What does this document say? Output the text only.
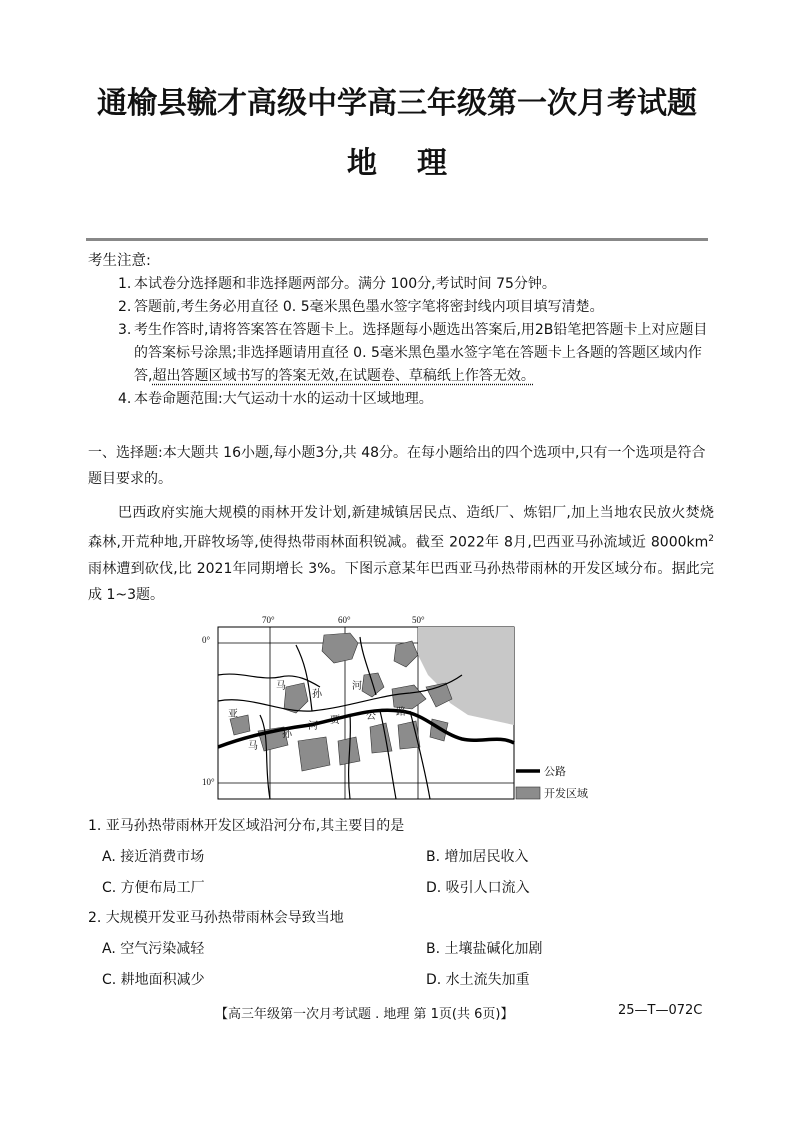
通榆县毓才高级中学高三年级第一次月考试题
地理
考生注意:
1. 本试卷分选择题和非选择题两部分。满分 100分,考试时间 75分钟。
2. 答题前,考生务必用直径 0. 5毫米黑色墨水签字笔将密封线内项目填写清楚。
3. 考生作答时,请将答案答在答题卡上。选择题每小题选出答案后,用2B铅笔把答题卡上对应题目的答案标号涂黑;非选择题请用直径 0. 5毫米黑色墨水签字笔在答题卡上各题的答题区域内作答,超出答题区域书写的答案无效,在试题卷、草稿纸上作答无效。
4. 本卷命题范围:大气运动十水的运动十区域地理。
一、选择题:本大题共 16小题,每小题3分,共 48分。在每小题给出的四个选项中,只有一个选项是符合题目要求的。
巴西政府实施大规模的雨林开发计划,新建城镇居民点、造纸厂、炼铝厂,加上当地农民放火焚烧森林,开荒种地,开辟牧场等,使得热带雨林面积锐减。截至 2022年 8月,巴西亚马孙流域近 $8000km^2$ 雨林遭到砍伐,比 2021年同期增长 3%。下图示意某年巴西亚马孙热带雨林的开发区域分布。据此完成 1~3题。
70°	60°	50°
0°
10°
亚
马
孙
河
马
孙
河
贾	公 路
公路
开发区域
1. 亚马孙热带雨林开发区域沿河分布,其主要目的是
A. 接近消费市场	B. 增加居民收入
C. 方便布局工厂	D. 吸引人口流入
2. 大规模开发亚马孙热带雨林会导致当地
A. 空气污染减轻	B. 土壤盐碱化加剧
C. 耕地面积减少	D. 水土流失加重
【高三年级第一次月考试题 . 地理 第 1页(共 6页)】	25—T—072C
